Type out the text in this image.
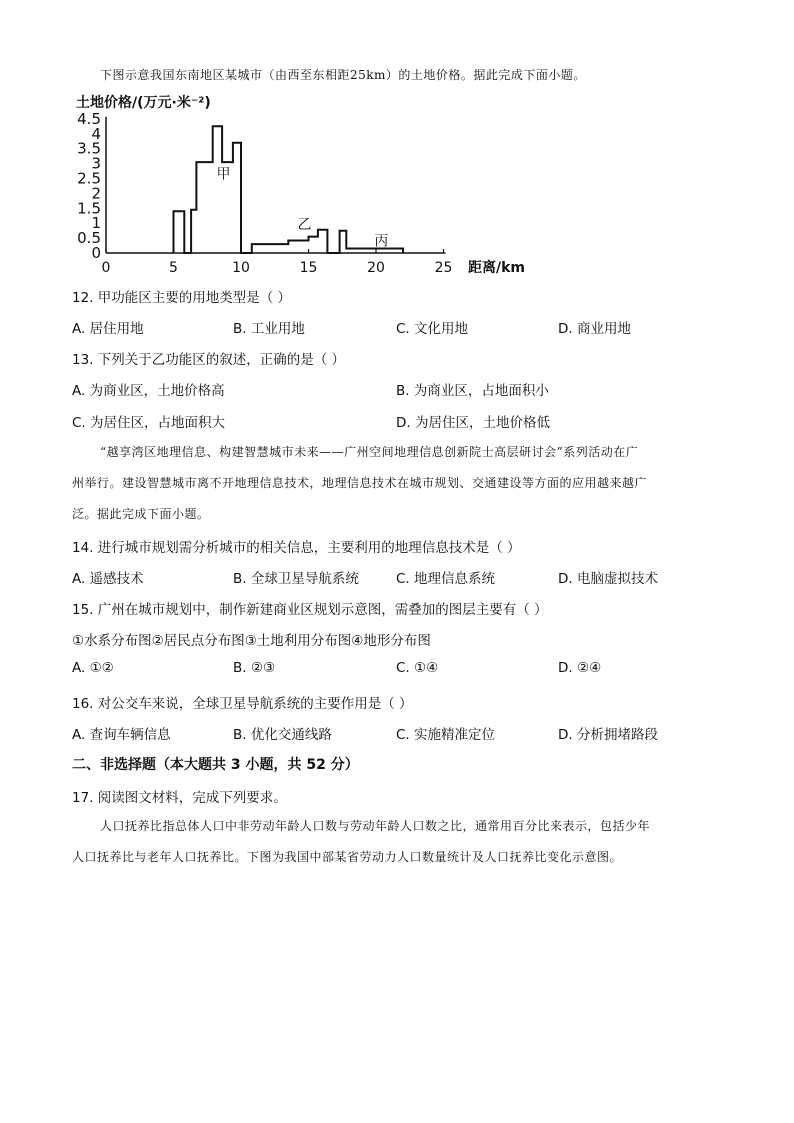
下图示意我国东南地区某城市（由西至东相距25km）的土地价格。据此完成下面小题。
土地价格/(万元·米⁻²)
0
0.5
1
1.5
2
2.5
3
3.5
4
4.5
0	5	10	15	20	25
甲
乙
丙
距离/km
12. 甲功能区主要的用地类型是（ ）
A. 居住用地	B. 工业用地	C. 文化用地	D. 商业用地
13. 下列关于乙功能区的叙述，正确的是（ ）
A. 为商业区，土地价格高	B. 为商业区，占地面积小
C. 为居住区，占地面积大	D. 为居住区，土地价格低
“越享湾区地理信息、构建智慧城市未来——广州空间地理信息创新院士高层研讨会”系列活动在广
州举行。建设智慧城市离不开地理信息技术，地理信息技术在城市规划、交通建设等方面的应用越来越广
泛。据此完成下面小题。
14. 进行城市规划需分析城市的相关信息，主要利用的地理信息技术是（ ）
A. 遥感技术	B. 全球卫星导航系统	C. 地理信息系统	D. 电脑虚拟技术
15. 广州在城市规划中，制作新建商业区规划示意图，需叠加的图层主要有（ ）
①水系分布图②居民点分布图③土地利用分布图④地形分布图
A. ①②	B. ②③	C. ①④	D. ②④
16. 对公交车来说，全球卫星导航系统的主要作用是（ ）
A. 查询车辆信息	B. 优化交通线路	C. 实施精准定位	D. 分析拥堵路段
二、非选择题（本大题共 3 小题，共 52 分）
17. 阅读图文材料，完成下列要求。
人口抚养比指总体人口中非劳动年龄人口数与劳动年龄人口数之比，通常用百分比来表示，包括少年
人口抚养比与老年人口抚养比。下图为我国中部某省劳动力人口数量统计及人口抚养比变化示意图。
